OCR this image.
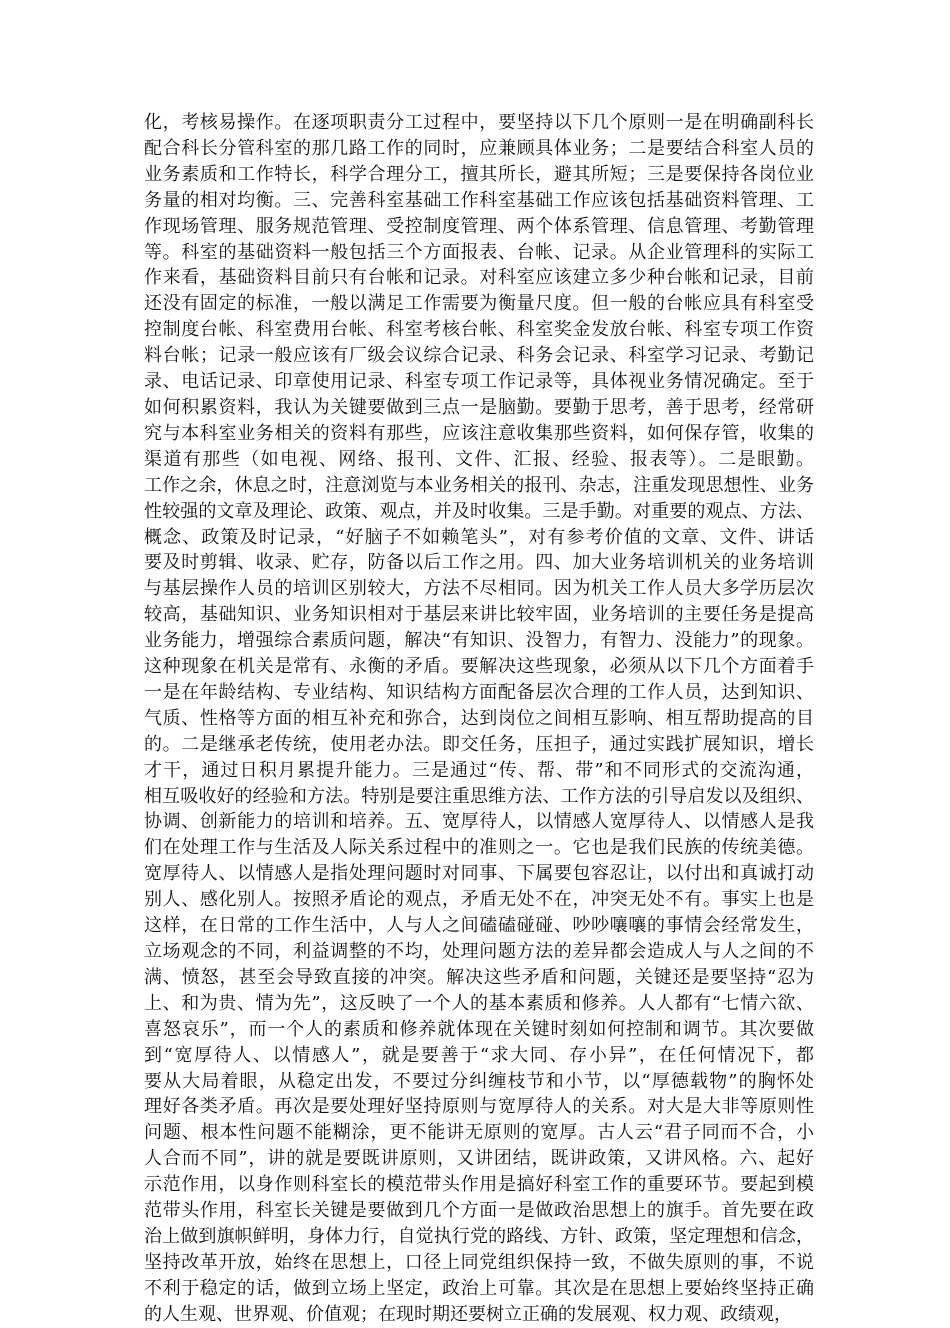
化，考核易操作。在逐项职责分工过程中，要坚持以下几个原则一是在明确副科长
配合科长分管科室的那几路工作的同时，应兼顾具体业务；二是要结合科室人员的
业务素质和工作特长，科学合理分工，擅其所长，避其所短；三是要保持各岗位业
务量的相对均衡。三、完善科室基础工作科室基础工作应该包括基础资料管理、工
作现场管理、服务规范管理、受控制度管理、两个体系管理、信息管理、考勤管理
等。科室的基础资料一般包括三个方面报表、台帐、记录。从企业管理科的实际工
作来看，基础资料目前只有台帐和记录。对科室应该建立多少种台帐和记录，目前
还没有固定的标准，一般以满足工作需要为衡量尺度。但一般的台帐应具有科室受
控制度台帐、科室费用台帐、科室考核台帐、科室奖金发放台帐、科室专项工作资
料台帐；记录一般应该有厂级会议综合记录、科务会记录、科室学习记录、考勤记
录、电话记录、印章使用记录、科室专项工作记录等，具体视业务情况确定。至于
如何积累资料，我认为关键要做到三点一是脑勤。要勤于思考，善于思考，经常研
究与本科室业务相关的资料有那些，应该注意收集那些资料，如何保存管，收集的
渠道有那些（如电视、网络、报刊、文件、汇报、经验、报表等）。二是眼勤。
工作之余，休息之时，注意浏览与本业务相关的报刊、杂志，注重发现思想性、业务
性较强的文章及理论、政策、观点，并及时收集。三是手勤。对重要的观点、方法、
概念、政策及时记录，“好脑子不如赖笔头”，对有参考价值的文章、文件、讲话
要及时剪辑、收录、贮存，防备以后工作之用。四、加大业务培训机关的业务培训
与基层操作人员的培训区别较大，方法不尽相同。因为机关工作人员大多学历层次
较高，基础知识、业务知识相对于基层来讲比较牢固，业务培训的主要任务是提高
业务能力，增强综合素质问题，解决“有知识、没智力，有智力、没能力”的现象。
这种现象在机关是常有、永衡的矛盾。要解决这些现象，必须从以下几个方面着手
一是在年龄结构、专业结构、知识结构方面配备层次合理的工作人员，达到知识、
气质、性格等方面的相互补充和弥合，达到岗位之间相互影响、相互帮助提高的目
的。二是继承老传统，使用老办法。即交任务，压担子，通过实践扩展知识，增长
才干，通过日积月累提升能力。三是通过“传、帮、带”和不同形式的交流沟通，
相互吸收好的经验和方法。特别是要注重思维方法、工作方法的引导启发以及组织、
协调、创新能力的培训和培养。五、宽厚待人，以情感人宽厚待人、以情感人是我
们在处理工作与生活及人际关系过程中的准则之一。它也是我们民族的传统美德。
宽厚待人、以情感人是指处理问题时对同事、下属要包容忍让，以付出和真诚打动
别人、感化别人。按照矛盾论的观点，矛盾无处不在，冲突无处不有。事实上也是
这样，在日常的工作生活中，人与人之间磕磕碰碰、吵吵嚷嚷的事情会经常发生，
立场观念的不同，利益调整的不均，处理问题方法的差异都会造成人与人之间的不
满、愤怒，甚至会导致直接的冲突。解决这些矛盾和问题，关键还是要坚持“忍为
上、和为贵、情为先”，这反映了一个人的基本素质和修养。人人都有“七情六欲、
喜怒哀乐”，而一个人的素质和修养就体现在关键时刻如何控制和调节。其次要做
到“宽厚待人、以情感人”，就是要善于“求大同、存小异”，在任何情况下，都
要从大局着眼，从稳定出发，不要过分纠缠枝节和小节，以“厚德载物”的胸怀处
理好各类矛盾。再次是要处理好坚持原则与宽厚待人的关系。对大是大非等原则性
问题、根本性问题不能糊涂，更不能讲无原则的宽厚。古人云“君子同而不合，小
人合而不同”，讲的就是要既讲原则，又讲团结，既讲政策，又讲风格。六、起好
示范作用，以身作则科室长的模范带头作用是搞好科室工作的重要环节。要起到模
范带头作用，科室长关键是要做到几个方面一是做政治思想上的旗手。首先要在政
治上做到旗帜鲜明，身体力行，自觉执行党的路线、方针、政策，坚定理想和信念，
坚持改革开放，始终在思想上，口径上同党组织保持一致，不做失原则的事，不说
不利于稳定的话，做到立场上坚定，政治上可靠。其次是在思想上要始终坚持正确
的人生观、世界观、价值观；在现时期还要树立正确的发展观、权力观、政绩观，
